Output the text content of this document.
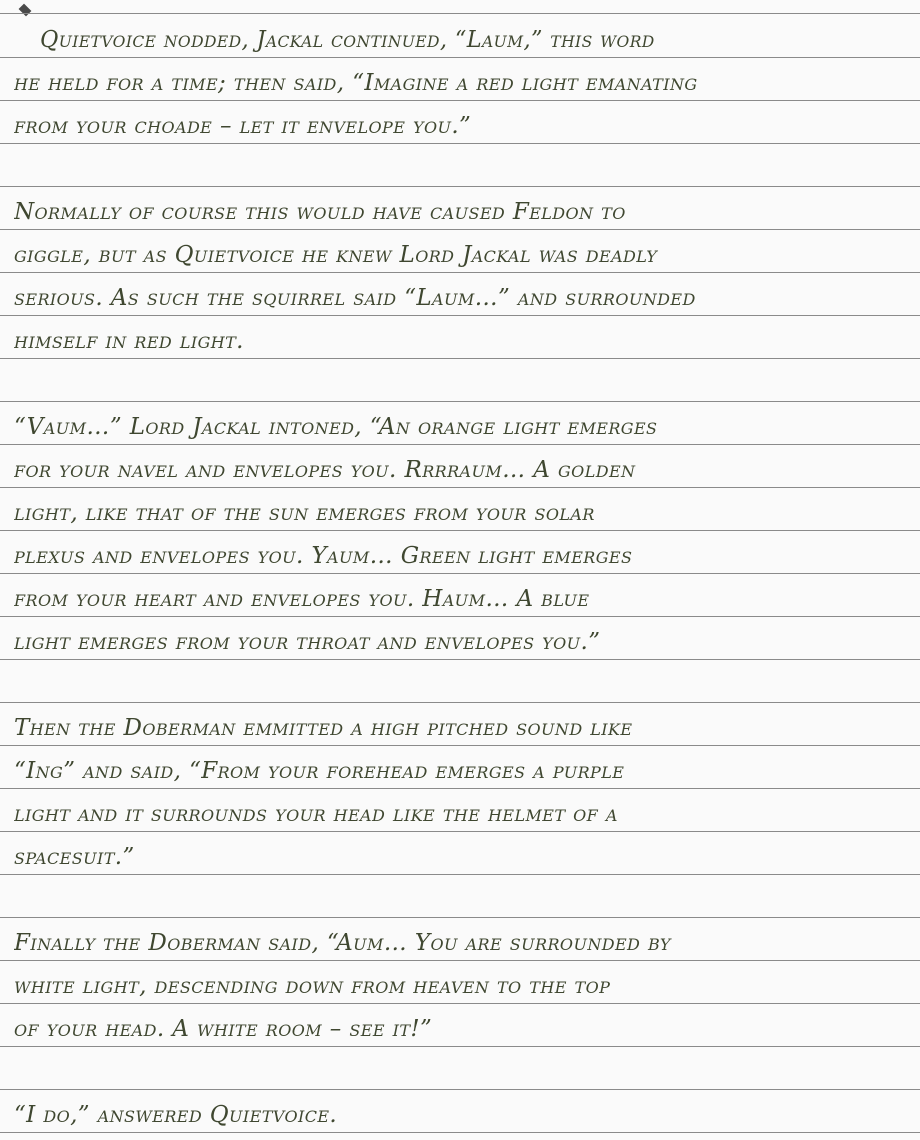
Quietvoice nodded, Jackal continued, “Laum,” this word
he held for a time; then said, “Imagine a red light emanating
from your choade – let it envelope you.”
Normally of course this would have caused Feldon to
giggle, but as Quietvoice he knew Lord Jackal was deadly
serious. As such the squirrel said “Laum…” and surrounded
himself in red light.
“Vaum…” Lord Jackal intoned, “An orange light emerges
for your navel and envelopes you. Rrrraum… A golden
light, like that of the sun emerges from your solar
plexus and envelopes you. Yaum… Green light emerges
from your heart and envelopes you. Haum… A blue
light emerges from your throat and envelopes you.”
Then the Doberman emmitted a high pitched sound like
“Ing” and said, “From your forehead emerges a purple
light and it surrounds your head like the helmet of a
spacesuit.”
Finally the Doberman said, “Aum… You are surrounded by
white light, descending down from heaven to the top
of your head. A white room – see it!”
“I do,” answered Quietvoice.
